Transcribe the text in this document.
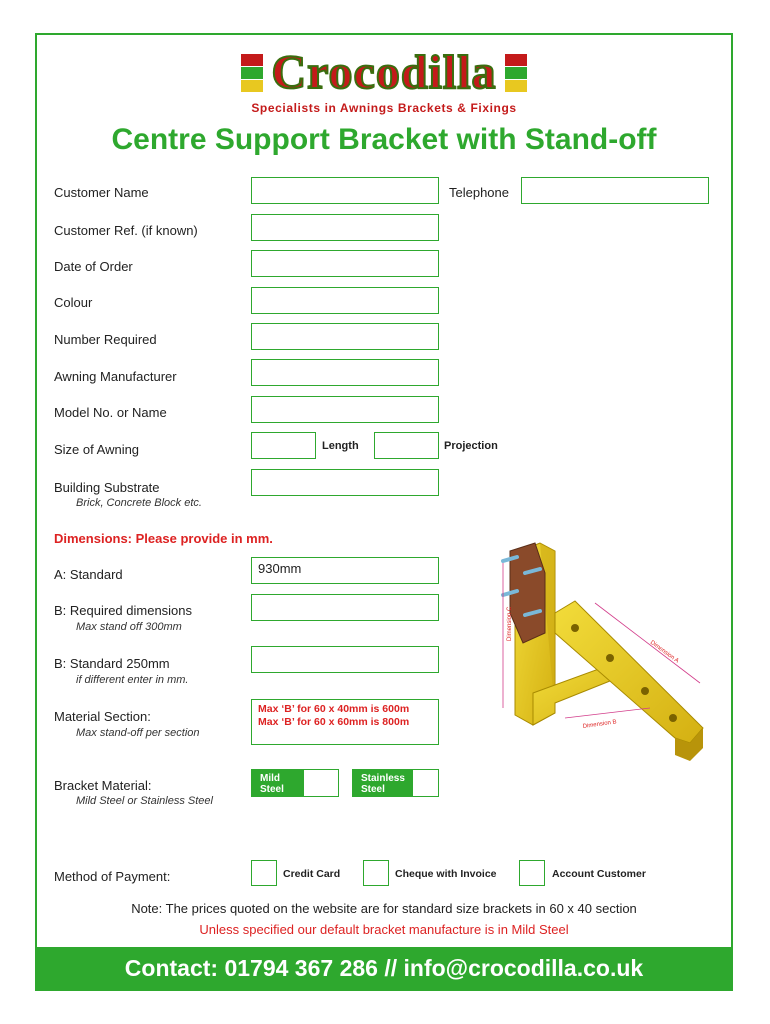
Crocodilla
Specialists in Awnings Brackets & Fixings
Centre Support Bracket with Stand-off
Customer Name	Telephone
Customer Ref. (if known)
Date of Order
Colour
Number Required
Awning Manufacturer
Model No. or Name
Size of Awning	Length	Projection
Building Substrate
Brick, Concrete Block etc.
Dimensions: Please provide in mm.
A: Standard	930mm
B: Required dimensions
Max stand off 300mm
B: Standard 250mm
if different enter in mm.
Material Section:
Max stand-off per section
Max ‘B’ for 60 x 40mm is 600m
Max ‘B’ for 60 x 60mm is 800m
Bracket Material:
Mild Steel or Stainless Steel
Mild
Steel
Stainless
Steel
Dimension C
Dimension B
Dimension A
Method of Payment:	Credit Card	Cheque with Invoice	Account Customer
Note: The prices quoted on the website are for standard size brackets in 60 x 40 section
Unless specified our default bracket manufacture is in Mild Steel
Contact: 01794 367 286 // info@crocodilla.co.uk
